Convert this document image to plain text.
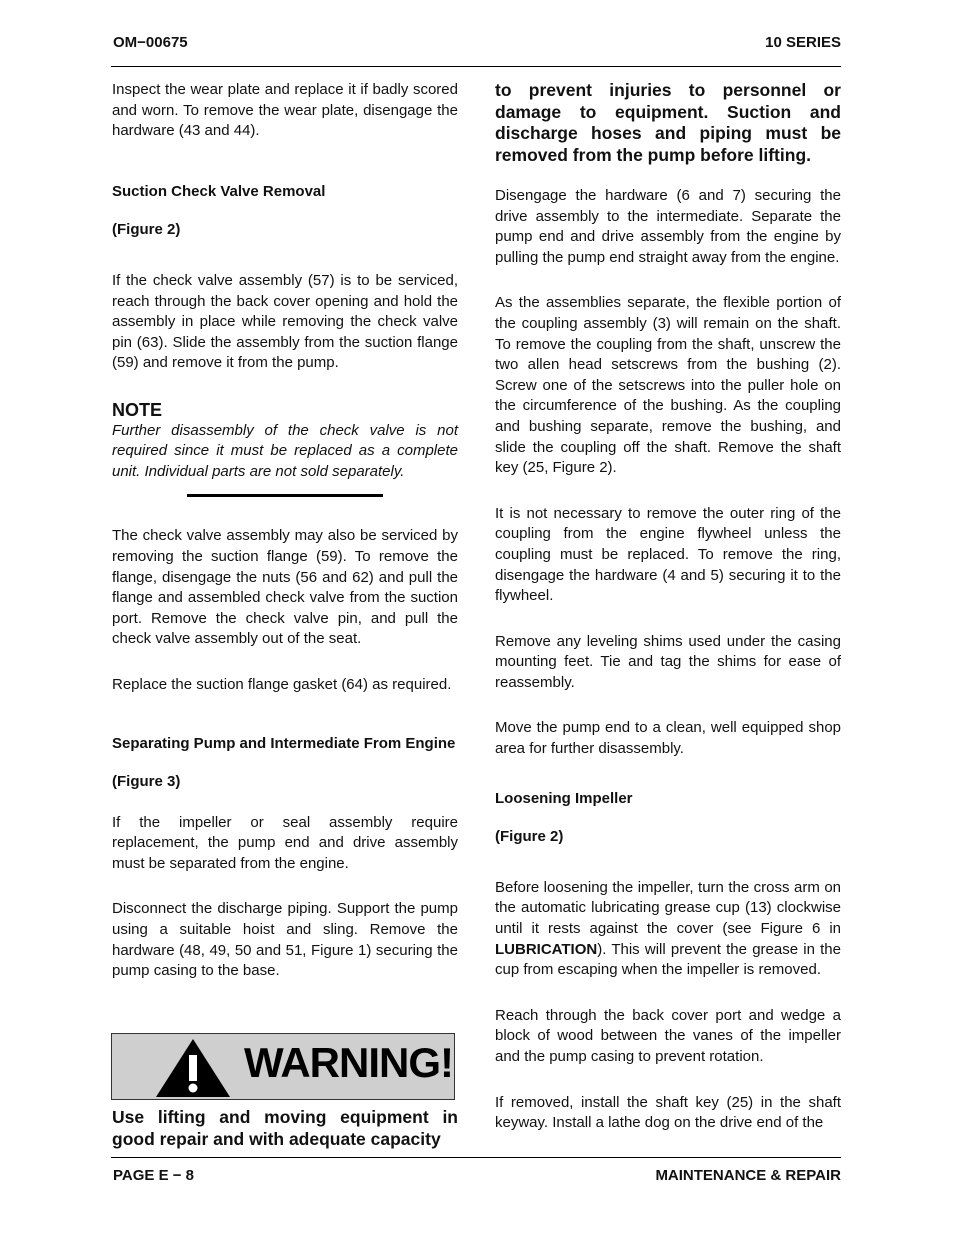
OM−00675	10 SERIES

Inspect the wear plate and replace it if badly scored and worn. To remove the wear plate, disengage the hardware (43 and 44).

Suction Check Valve Removal

(Figure 2)

If the check valve assembly (57) is to be serviced, reach through the back cover opening and hold the assembly in place while removing the check valve pin (63). Slide the assembly from the suction flange (59) and remove it from the pump.

NOTE

Further disassembly of the check valve is not required since it must be replaced as a complete unit. Individual parts are not sold separately.

The check valve assembly may also be serviced by removing the suction flange (59). To remove the flange, disengage the nuts (56 and 62) and pull the flange and assembled check valve from the suction port. Remove the check valve pin, and pull the check valve assembly out of the seat.

Replace the suction flange gasket (64) as required.

Separating Pump and Intermediate From Engine

(Figure 3)

If the impeller or seal assembly require replacement, the pump end and drive assembly must be separated from the engine.

Disconnect the discharge piping. Support the pump using a suitable hoist and sling. Remove the hardware (48, 49, 50 and 51, Figure 1) securing the pump casing to the base.

WARNING!

Use lifting and moving equipment in good repair and with adequate capacity

to prevent injuries to personnel or damage to equipment. Suction and discharge hoses and piping must be removed from the pump before lifting.

Disengage the hardware (6 and 7) securing the drive assembly to the intermediate. Separate the pump end and drive assembly from the engine by pulling the pump end straight away from the engine.

As the assemblies separate, the flexible portion of the coupling assembly (3) will remain on the shaft. To remove the coupling from the shaft, unscrew the two allen head setscrews from the bushing (2). Screw one of the setscrews into the puller hole on the circumference of the bushing. As the coupling and bushing separate, remove the bushing, and slide the coupling off the shaft. Remove the shaft key (25, Figure 2).

It is not necessary to remove the outer ring of the coupling from the engine flywheel unless the coupling must be replaced. To remove the ring, disengage the hardware (4 and 5) securing it to the flywheel.

Remove any leveling shims used under the casing mounting feet. Tie and tag the shims for ease of reassembly.

Move the pump end to a clean, well equipped shop area for further disassembly.

Loosening Impeller

(Figure 2)

Before loosening the impeller, turn the cross arm on the automatic lubricating grease cup (13) clockwise until it rests against the cover (see Figure 6 in LUBRICATION). This will prevent the grease in the cup from escaping when the impeller is removed.

Reach through the back cover port and wedge a block of wood between the vanes of the impeller and the pump casing to prevent rotation.

If removed, install the shaft key (25) in the shaft keyway. Install a lathe dog on the drive end of the

PAGE E − 8	MAINTENANCE & REPAIR
